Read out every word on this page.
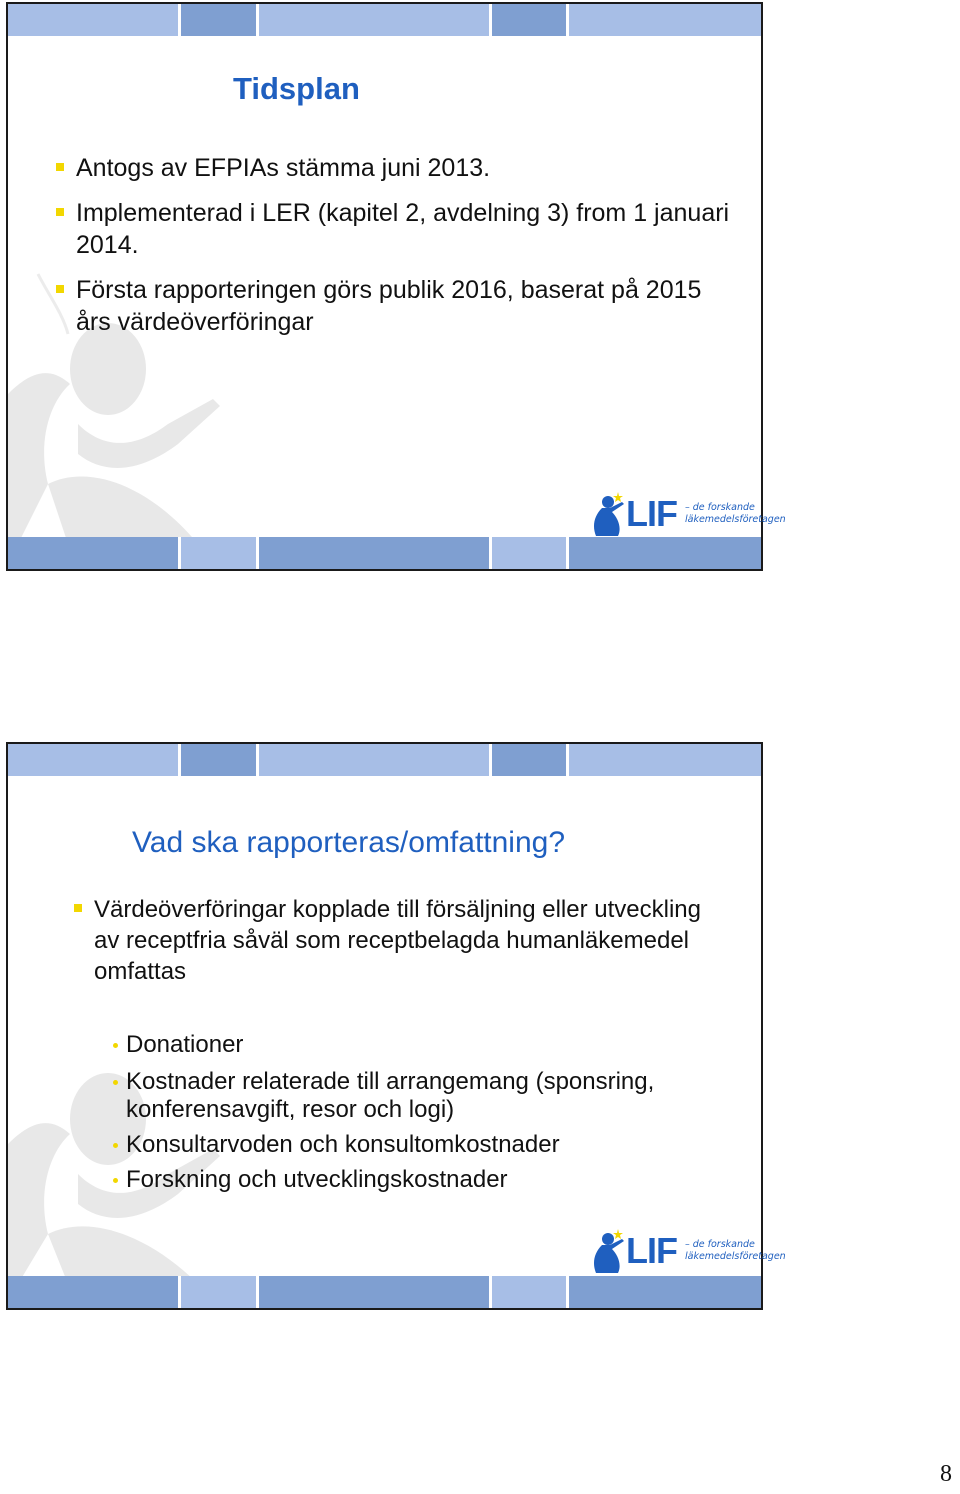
Tidsplan
Antogs av EFPIAs stämma juni 2013.
Implementerad i LER (kapitel 2, avdelning 3) from 1 januari 2014.
Första rapporteringen görs publik 2016, baserat på 2015 års värdeöverföringar
LIF – de forskande
läkemedelsföretagen
Vad ska rapporteras/omfattning?
Värdeöverföringar kopplade till försäljning eller utveckling av receptfria såväl som receptbelagda humanläkemedel omfattas
Donationer
Kostnader relaterade till arrangemang (sponsring, konferensavgift, resor och logi)
Konsultarvoden och konsultomkostnader
Forskning och utvecklingskostnader
LIF – de forskande
läkemedelsföretagen
8
